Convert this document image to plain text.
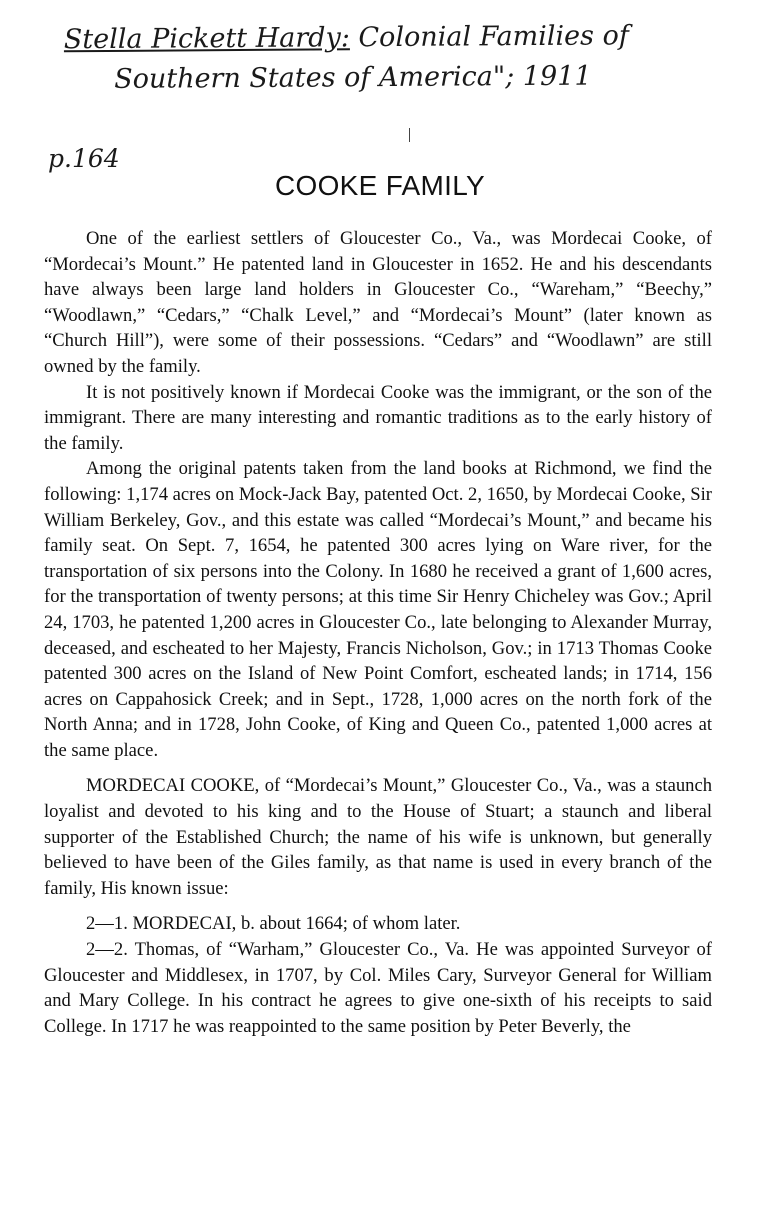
Stella Pickett Hardy: Colonial Families of
Southern States of America"; 1911
p.164
COOKE FAMILY

One of the earliest settlers of Gloucester Co., Va., was Mordecai Cooke, of “Mordecai’s Mount.” He patented land in Gloucester in 1652. He and his descendants have always been large land holders in Gloucester Co., “Wareham,” “Beechy,” “Woodlawn,” “Cedars,” “Chalk Level,” and “Mordecai’s Mount” (later known as “Church Hill”), were some of their possessions. “Cedars” and “Woodlawn” are still owned by the family.

It is not positively known if Mordecai Cooke was the immigrant, or the son of the immigrant. There are many interesting and romantic traditions as to the early history of the family.

Among the original patents taken from the land books at Richmond, we find the following: 1,174 acres on Mock-Jack Bay, patented Oct. 2, 1650, by Mordecai Cooke, Sir William Berkeley, Gov., and this estate was called “Mordecai’s Mount,” and became his family seat. On Sept. 7, 1654, he patented 300 acres lying on Ware river, for the transportation of six persons into the Colony. In 1680 he received a grant of 1,600 acres, for the transportation of twenty persons; at this time Sir Henry Chicheley was Gov.; April 24, 1703, he patented 1,200 acres in Gloucester Co., late belonging to Alexander Murray, deceased, and escheated to her Majesty, Francis Nicholson, Gov.; in 1713 Thomas Cooke patented 300 acres on the Island of New Point Comfort, escheated lands; in 1714, 156 acres on Cappahosick Creek; and in Sept., 1728, 1,000 acres on the north fork of the North Anna; and in 1728, John Cooke, of King and Queen Co., patented 1,000 acres at the same place.

MORDECAI COOKE, of “Mordecai’s Mount,” Gloucester Co., Va., was a staunch loyalist and devoted to his king and to the House of Stuart; a staunch and liberal supporter of the Established Church; the name of his wife is unknown, but generally believed to have been of the Giles family, as that name is used in every branch of the family, His known issue:

2—1. MORDECAI, b. about 1664; of whom later.

2—2. Thomas, of “Warham,” Gloucester Co., Va. He was appointed Surveyor of Gloucester and Middlesex, in 1707, by Col. Miles Cary, Surveyor General for William and Mary College. In his contract he agrees to give one-sixth of his receipts to said College. In 1717 he was reappointed to the same position by Peter Beverly, the
